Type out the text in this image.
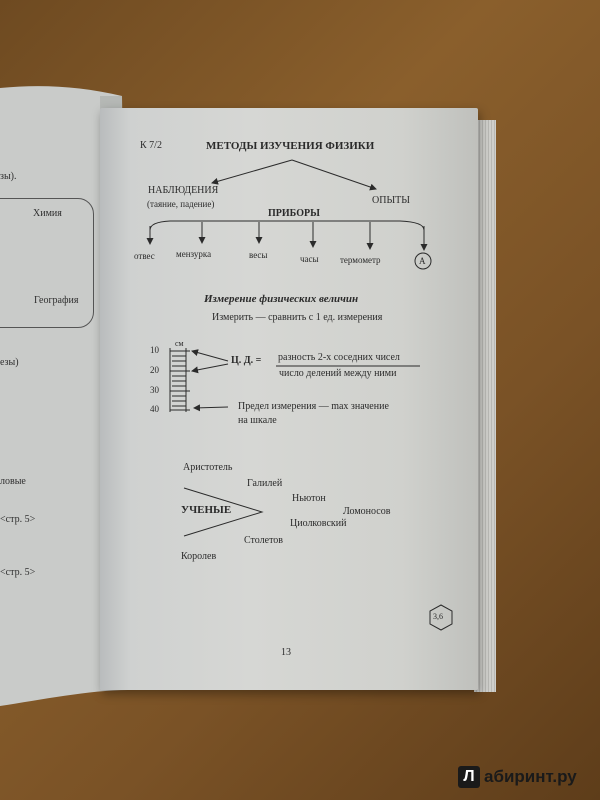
зы).
Химия
География
езы)
ловые
<стр. 5>
<стр. 5>
К 7/2	МЕТОДЫ ИЗУЧЕНИЯ ФИЗИКИ
НАБЛЮДЕНИЯ
(таяние, падение)	ОПЫТЫ
ПРИБОРЫ
отвес мензурка	весы	часы термометр	А
Измерение физических величин
Измерить — сравнить с 1 ед. измерения
см
10
20
30
40
Ц. Д. = разность 2-х соседних чисел
число делений между ними
Предел измерения — max значение
на шкале
УЧЕНЫЕ
Аристотель
Галилей
Ньютон
Ломоносов
Циолковский
Столетов
Королев
3,6
13
Л абиринт.ру
